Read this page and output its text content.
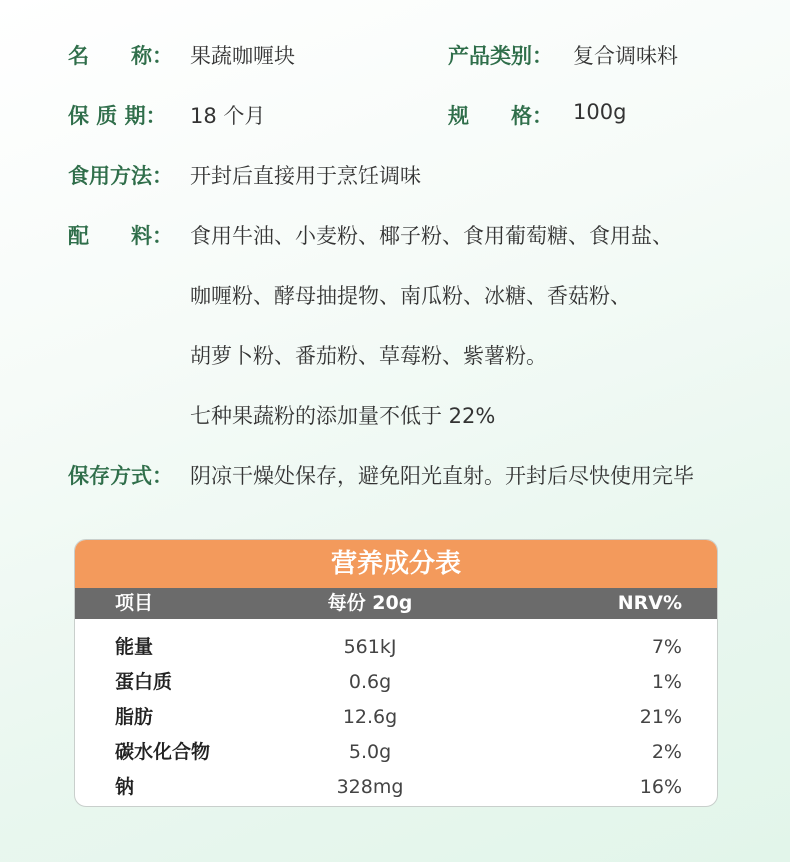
名　　称： 果蔬咖喱块	产品类别： 复合调味料
保 质 期： 18 个月	规　　格： 100g
食用方法： 开封后直接用于烹饪调味
配　　料： 食用牛油、小麦粉、椰子粉、食用葡萄糖、食用盐、
咖喱粉、酵母抽提物、南瓜粉、冰糖、香菇粉、
胡萝卜粉、番茄粉、草莓粉、紫薯粉。
七种果蔬粉的添加量不低于 22%
保存方式： 阴凉干燥处保存，避免阳光直射。开封后尽快使用完毕
营养成分表
项目	每份 20g	NRV%
能量	561kJ	7%
蛋白质	0.6g	1%
脂肪	12.6g	21%
碳水化合物	5.0g	2%
钠	328mg	16%
